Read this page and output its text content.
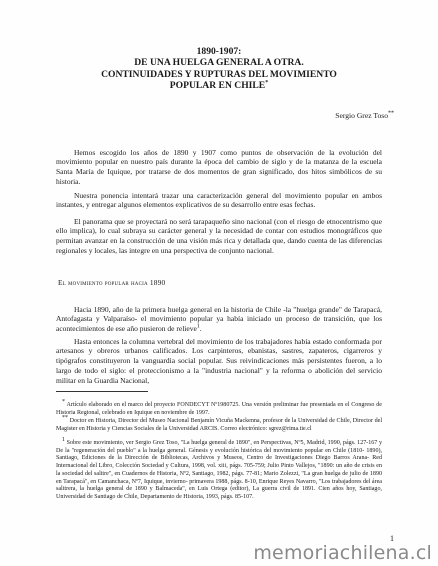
1890-1907:
DE UNA HUELGA GENERAL A OTRA.
CONTINUIDADES Y RUPTURAS DEL MOVIMIENTO
POPULAR EN CHILE*
Sergio Grez Toso**

Hemos escogido los años de 1890 y 1907 como puntos de observación de la evolución del movimiento popular en nuestro país durante la época del cambio de siglo y de la matanza de la escuela Santa María de Iquique, por tratarse de dos momentos de gran significado, dos hitos simbólicos de su historia.

Nuestra ponencia intentará trazar una caracterización general del movimiento popular en ambos instantes, y entregar algunos elementos explicativos de su desarrollo entre esas fechas.

El panorama que se proyectará no será tarapaqueño sino nacional (con el riesgo de etnocentrismo que ello implica), lo cual subraya su carácter general y la necesidad de contar con estudios monográficos que permitan avanzar en la construcción de una visión más rica y detallada que, dando cuenta de las diferencias regionales y locales, las integre en una perspectiva de conjunto nacional.

El movimiento popular hacia 1890

Hacia 1890, año de la primera huelga general en la historia de Chile -la "huelga grande" de Tarapacá, Antofagasta y Valparaíso- el movimiento popular ya había iniciado un proceso de transición, que los acontecimientos de ese año pusieron de relieve$^1$.

Hasta entonces la columna vertebral del movimiento de los trabajadores había estado conformada por artesanos y obreros urbanos calificados. Los carpinteros, ebanistas, sastres, zapateros, cigarreros y tipógrafos constituyeron la vanguardia social popular. Sus reivindicaciones más persistentes fueron, a lo largo de todo el siglo: el proteccionismo a la "industria nacional" y la reforma o abolición del servicio militar en la Guardia Nacional,

* Artículo elaborado en el marco del proyecto FONDECYT Nº1980725. Una versión preliminar fue presentada en el Congreso de Historia Regional, celebrado en Iquique en noviembre de 1997.

** Doctor en Historia, Director del Museo Nacional Benjamín Vicuña Mackenna, profesor de la Universidad de Chile, Director del Magister en Historia y Ciencias Sociales de la Universidad ARCIS. Correo electrónico: sgrez@rima.tie.cl

1 Sobre este movimiento, ver Sergio Grez Toso, "La huelga general de 1890", en Perspectivas, Nº5, Madrid, 1990, págs. 127-167 y De la "regeneración del pueblo" a la huelga general. Génesis y evolución histórica del movimiento popular en Chile (1810- 1890), Santiago, Ediciones de la Dirección de Bibliotecas, Archivos y Museos, Centro de Investigaciones Diego Barros Arana- Red Internacional del Libro, Colección Sociedad y Cultura, 1998, vol. xiii, págs. 705-759; Julio Pinto Vallejos, "1890: un año de crisis en la sociedad del salitre", en Cuadernos de Historia, Nº2, Santiago, 1982, págs. 77-81; Mario Zolezzi, "La gran huelga de julio de 1890 en Tarapacá", en Camanchaca, Nº7, Iquique, invierno- primavera 1988, págs. 8-10, Enrique Reyes Navarro, "Los trabajadores del área salitrera, la huelga general de 1890 y Balmaceda", en Luis Ortega (editor), La guerra civil de 1891. Cien años hoy, Santiago, Universidad de Santiago de Chile, Departamento de Historia, 1993, págs. 85-107.

1
memoriachilena.cl
